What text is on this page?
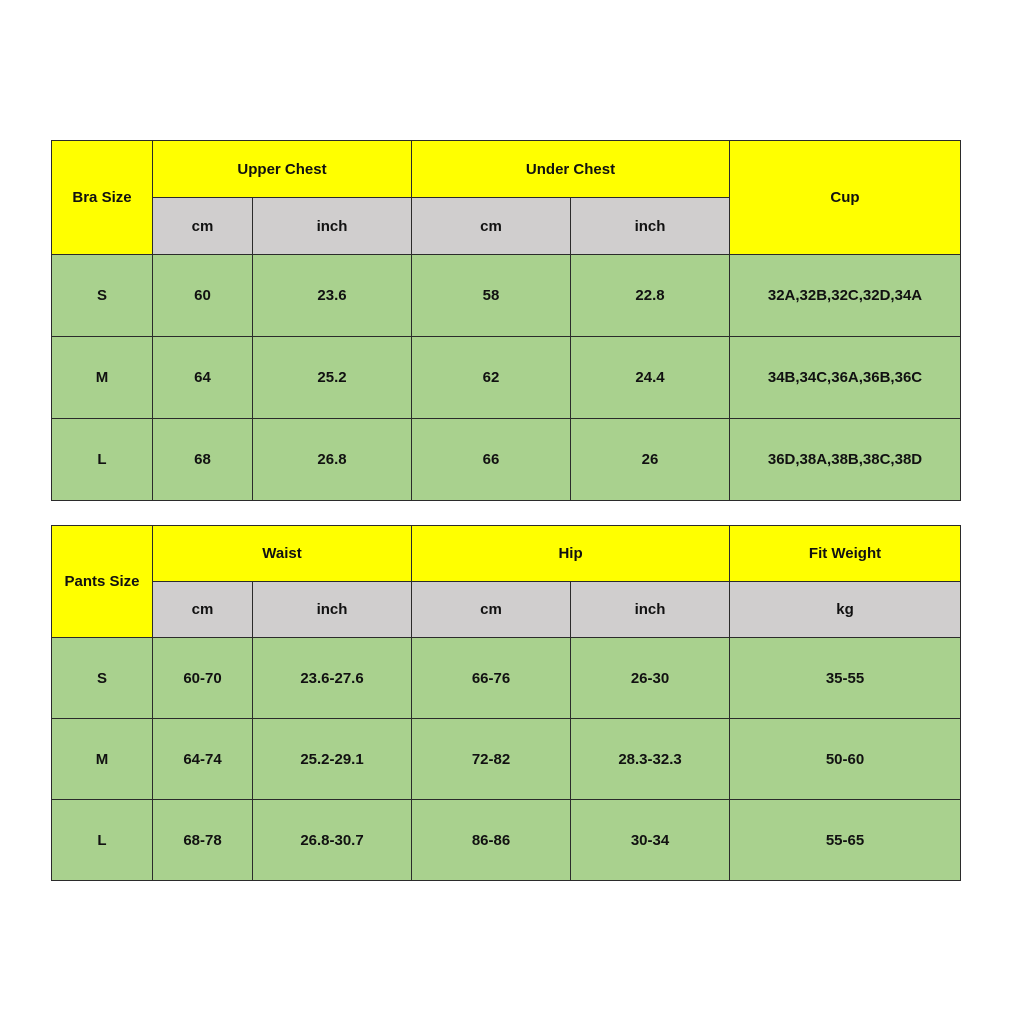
Bra Size	Upper Chest		Under Chest		Cup
	cm	inch	cm	inch	
S	60	23.6	58	22.8	32A,32B,32C,32D,34A
M	64	25.2	62	24.4	34B,34C,36A,36B,36C
L	68	26.8	66	26	36D,38A,38B,38C,38D
Pants Size	Waist		Hip		Fit Weight
	cm	inch	cm	inch	kg
S	60-70	23.6-27.6	66-76	26-30	35-55
M	64-74	25.2-29.1	72-82	28.3-32.3	50-60
L	68-78	26.8-30.7	86-86	30-34	55-65
